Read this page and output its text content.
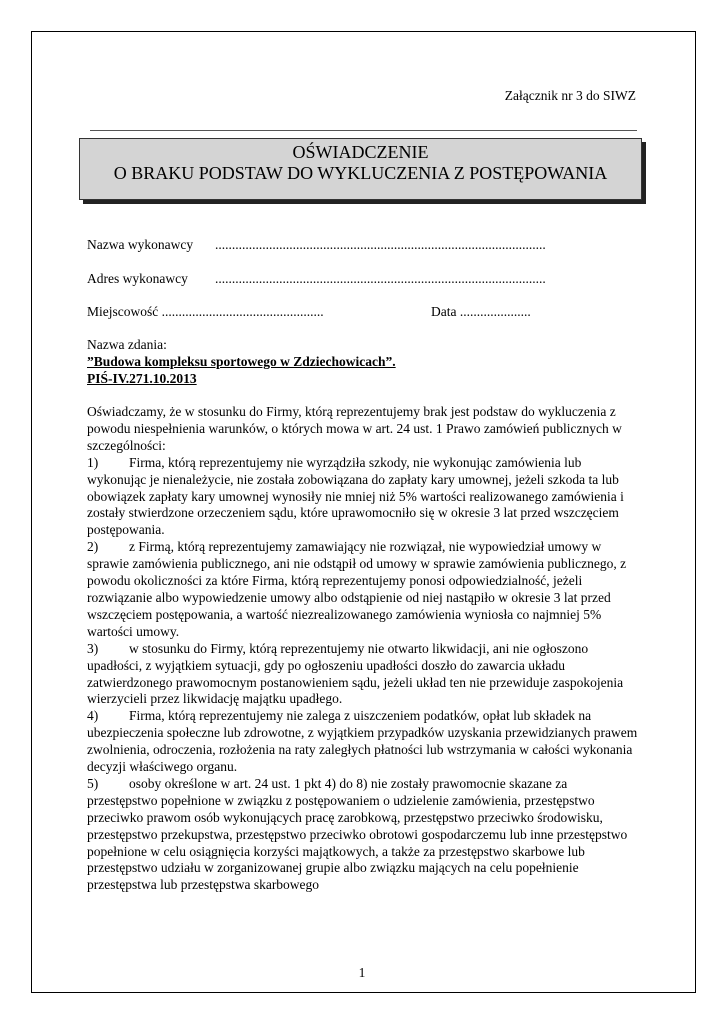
Załącznik nr 3 do SIWZ
OŚWIADCZENIE
O BRAKU PODSTAW DO WYKLUCZENIA Z POSTĘPOWANIA
Nazwa wykonawcy ..................................................................................................
Adres wykonawcy ..................................................................................................
Miejscowość ................................................	Data .....................
Nazwa zdania:
”Budowa kompleksu sportowego w Zdziechowicach”.
PIŚ-IV.271.10.2013

Oświadczamy, że w stosunku do Firmy, którą reprezentujemy brak jest podstaw do wykluczenia z powodu niespełnienia warunków, o których mowa w art. 24 ust. 1 Prawo zamówień publicznych w szczególności:

1) Firma, którą reprezentujemy nie wyrządziła szkody, nie wykonując zamówienia lub wykonując je nienależycie, nie została zobowiązana do zapłaty kary umownej, jeżeli szkoda ta lub obowiązek zapłaty kary umownej wynosiły nie mniej niż 5% wartości realizowanego zamówienia i zostały stwierdzone orzeczeniem sądu, które uprawomocniło się w okresie 3 lat przed wszczęciem postępowania.

2) z Firmą, którą reprezentujemy zamawiający nie rozwiązał, nie wypowiedział umowy w sprawie zamówienia publicznego, ani nie odstąpił od umowy w sprawie zamówienia publicznego, z powodu okoliczności za które Firma, którą reprezentujemy ponosi odpowiedzialność, jeżeli rozwiązanie albo wypowiedzenie umowy albo odstąpienie od niej nastąpiło w okresie 3 lat przed wszczęciem postępowania, a wartość niezrealizowanego zamówienia wyniosła co najmniej 5% wartości umowy.

3) w stosunku do Firmy, którą reprezentujemy nie otwarto likwidacji, ani nie ogłoszono upadłości, z wyjątkiem sytuacji, gdy po ogłoszeniu upadłości doszło do zawarcia układu zatwierdzonego prawomocnym postanowieniem sądu, jeżeli układ ten nie przewiduje zaspokojenia wierzycieli przez likwidację majątku upadłego.

4) Firma, którą reprezentujemy nie zalega z uiszczeniem podatków, opłat lub składek na ubezpieczenia społeczne lub zdrowotne, z wyjątkiem przypadków uzyskania przewidzianych prawem zwolnienia, odroczenia, rozłożenia na raty zaległych płatności lub wstrzymania w całości wykonania decyzji właściwego organu.

5) osoby określone w art. 24 ust. 1 pkt 4) do 8) nie zostały prawomocnie skazane za przestępstwo popełnione w związku z postępowaniem o udzielenie zamówienia, przestępstwo przeciwko prawom osób wykonujących pracę zarobkową, przestępstwo przeciwko środowisku, przestępstwo przekupstwa, przestępstwo przeciwko obrotowi gospodarczemu lub inne przestępstwo popełnione w celu osiągnięcia korzyści majątkowych, a także za przestępstwo skarbowe lub przestępstwo udziału w zorganizowanej grupie albo związku mających na celu popełnienie przestępstwa lub przestępstwa skarbowego

1
